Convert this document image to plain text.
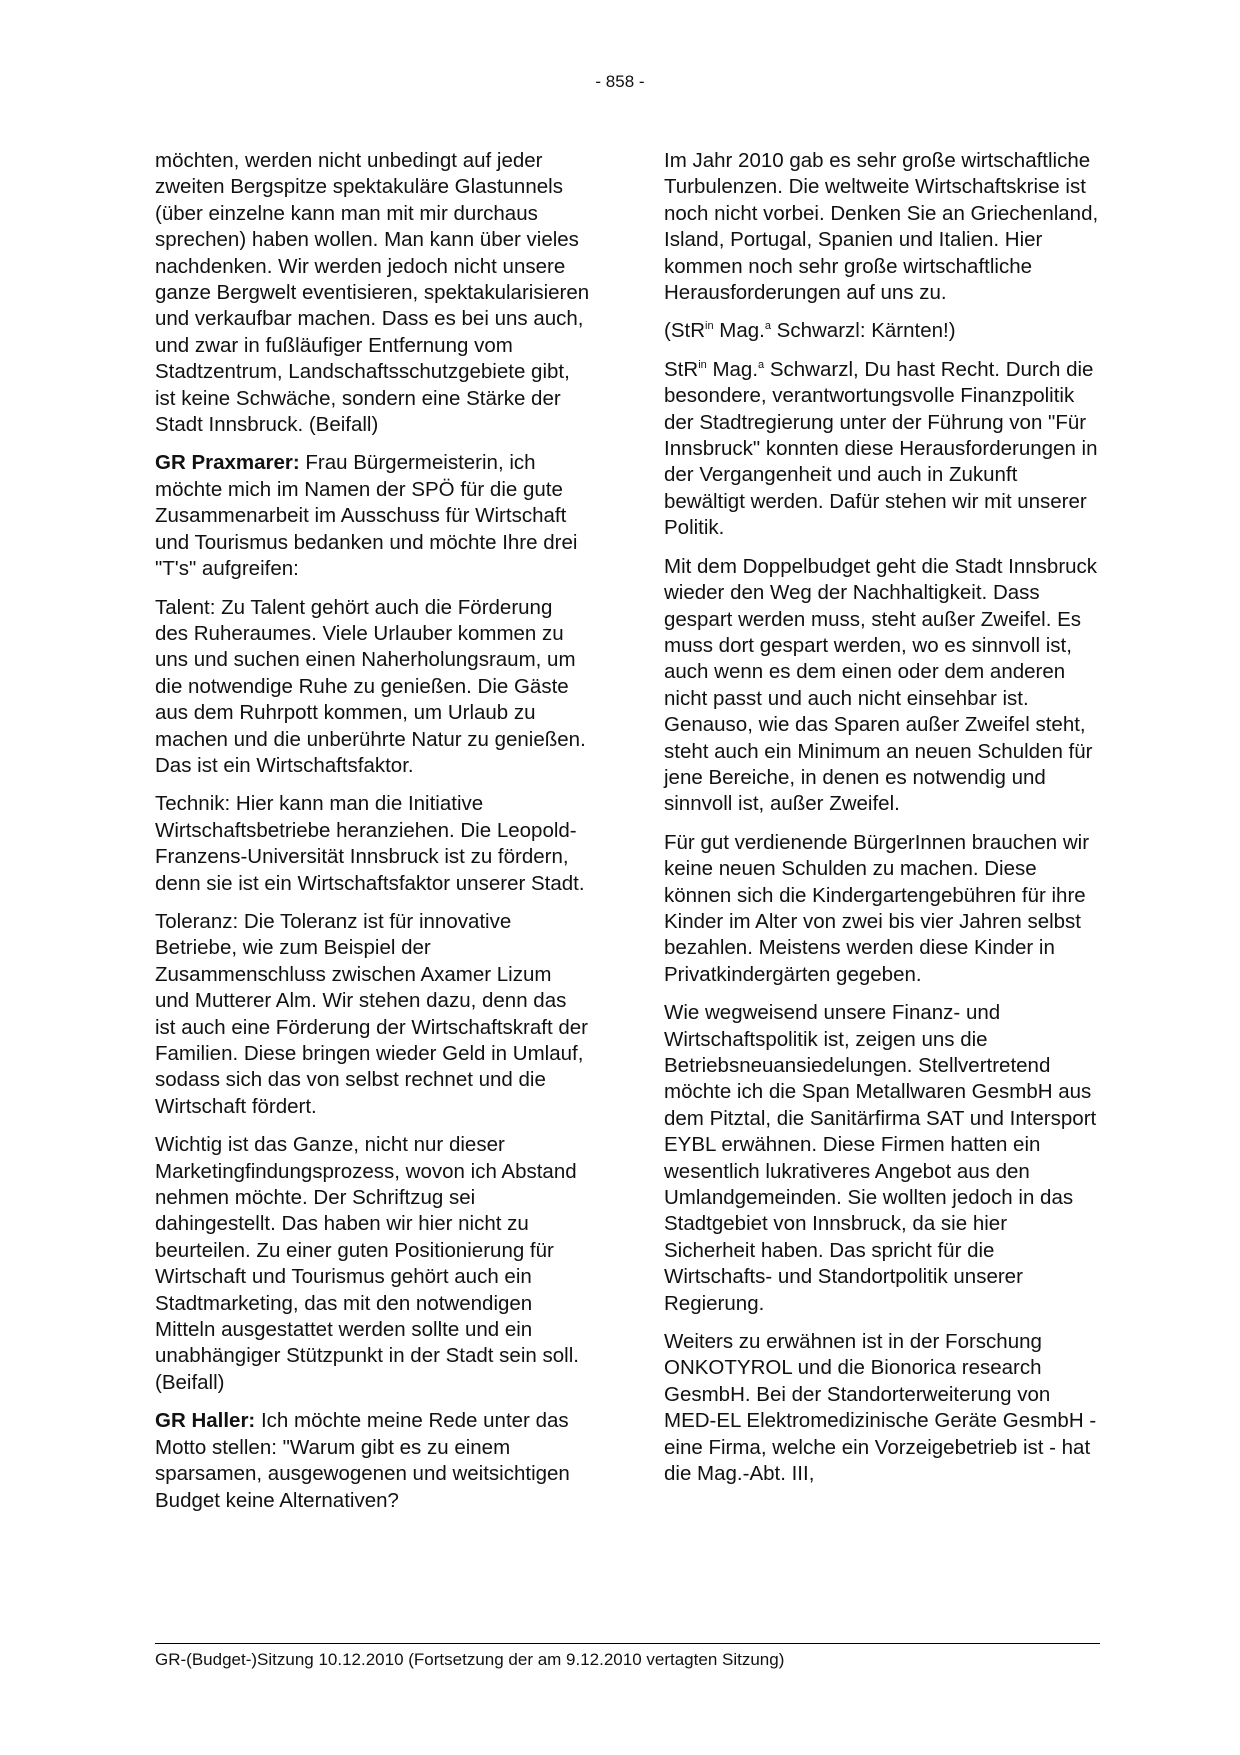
- 858 -

möchten, werden nicht unbedingt auf jeder zweiten Bergspitze spektakuläre Glastunnels (über einzelne kann man mit mir durchaus sprechen) haben wollen. Man kann über vieles nachdenken. Wir werden jedoch nicht unsere ganze Bergwelt eventisieren, spektakularisieren und verkaufbar machen. Dass es bei uns auch, und zwar in fußläufiger Entfernung vom Stadtzentrum, Landschaftsschutzgebiete gibt, ist keine Schwäche, sondern eine Stärke der Stadt Innsbruck. (Beifall)

GR Praxmarer: Frau Bürgermeisterin, ich möchte mich im Namen der SPÖ für die gute Zusammenarbeit im Ausschuss für Wirtschaft und Tourismus bedanken und möchte Ihre drei "T's" aufgreifen:

Talent: Zu Talent gehört auch die Förderung des Ruheraumes. Viele Urlauber kommen zu uns und suchen einen Naherholungsraum, um die notwendige Ruhe zu genießen. Die Gäste aus dem Ruhrpott kommen, um Urlaub zu machen und die unberührte Natur zu genießen. Das ist ein Wirtschaftsfaktor.

Technik: Hier kann man die Initiative Wirtschaftsbetriebe heranziehen. Die Leopold-Franzens-Universität Innsbruck ist zu fördern, denn sie ist ein Wirtschaftsfaktor unserer Stadt.

Toleranz: Die Toleranz ist für innovative Betriebe, wie zum Beispiel der Zusammenschluss zwischen Axamer Lizum und Mutterer Alm. Wir stehen dazu, denn das ist auch eine Förderung der Wirtschaftskraft der Familien. Diese bringen wieder Geld in Umlauf, sodass sich das von selbst rechnet und die Wirtschaft fördert.

Wichtig ist das Ganze, nicht nur dieser Marketingfindungsprozess, wovon ich Abstand nehmen möchte. Der Schriftzug sei dahingestellt. Das haben wir hier nicht zu beurteilen. Zu einer guten Positionierung für Wirtschaft und Tourismus gehört auch ein Stadtmarketing, das mit den notwendigen Mitteln ausgestattet werden sollte und ein unabhängiger Stützpunkt in der Stadt sein soll. (Beifall)

GR Haller: Ich möchte meine Rede unter das Motto stellen: "Warum gibt es zu einem sparsamen, ausgewogenen und weitsichtigen Budget keine Alternativen?

Im Jahr 2010 gab es sehr große wirtschaftliche Turbulenzen. Die weltweite Wirtschaftskrise ist noch nicht vorbei. Denken Sie an Griechenland, Island, Portugal, Spanien und Italien. Hier kommen noch sehr große wirtschaftliche Herausforderungen auf uns zu.

(StR$^{in}$ Mag.$^a$ Schwarzl: Kärnten!)

StR$^{in}$ Mag.$^a$ Schwarzl, Du hast Recht. Durch die besondere, verantwortungsvolle Finanzpolitik der Stadtregierung unter der Führung von "Für Innsbruck" konnten diese Herausforderungen in der Vergangenheit und auch in Zukunft bewältigt werden. Dafür stehen wir mit unserer Politik.

Mit dem Doppelbudget geht die Stadt Innsbruck wieder den Weg der Nachhaltigkeit. Dass gespart werden muss, steht außer Zweifel. Es muss dort gespart werden, wo es sinnvoll ist, auch wenn es dem einen oder dem anderen nicht passt und auch nicht einsehbar ist. Genauso, wie das Sparen außer Zweifel steht, steht auch ein Minimum an neuen Schulden für jene Bereiche, in denen es notwendig und sinnvoll ist, außer Zweifel.

Für gut verdienende BürgerInnen brauchen wir keine neuen Schulden zu machen. Diese können sich die Kindergartengebühren für ihre Kinder im Alter von zwei bis vier Jahren selbst bezahlen. Meistens werden diese Kinder in Privatkindergärten gegeben.

Wie wegweisend unsere Finanz- und Wirtschaftspolitik ist, zeigen uns die Betriebsneuansiedelungen. Stellvertretend möchte ich die Span Metallwaren GesmbH aus dem Pitztal, die Sanitärfirma SAT und Intersport EYBL erwähnen. Diese Firmen hatten ein wesentlich lukrativeres Angebot aus den Umlandgemeinden. Sie wollten jedoch in das Stadtgebiet von Innsbruck, da sie hier Sicherheit haben. Das spricht für die Wirtschafts- und Standortpolitik unserer Regierung.

Weiters zu erwähnen ist in der Forschung ONKOTYROL und die Bionorica research GesmbH. Bei der Standorterweiterung von MED-EL Elektromedizinische Geräte GesmbH - eine Firma, welche ein Vorzeigebetrieb ist - hat die Mag.-Abt. III,

GR-(Budget-)Sitzung 10.12.2010 (Fortsetzung der am 9.12.2010 vertagten Sitzung)
